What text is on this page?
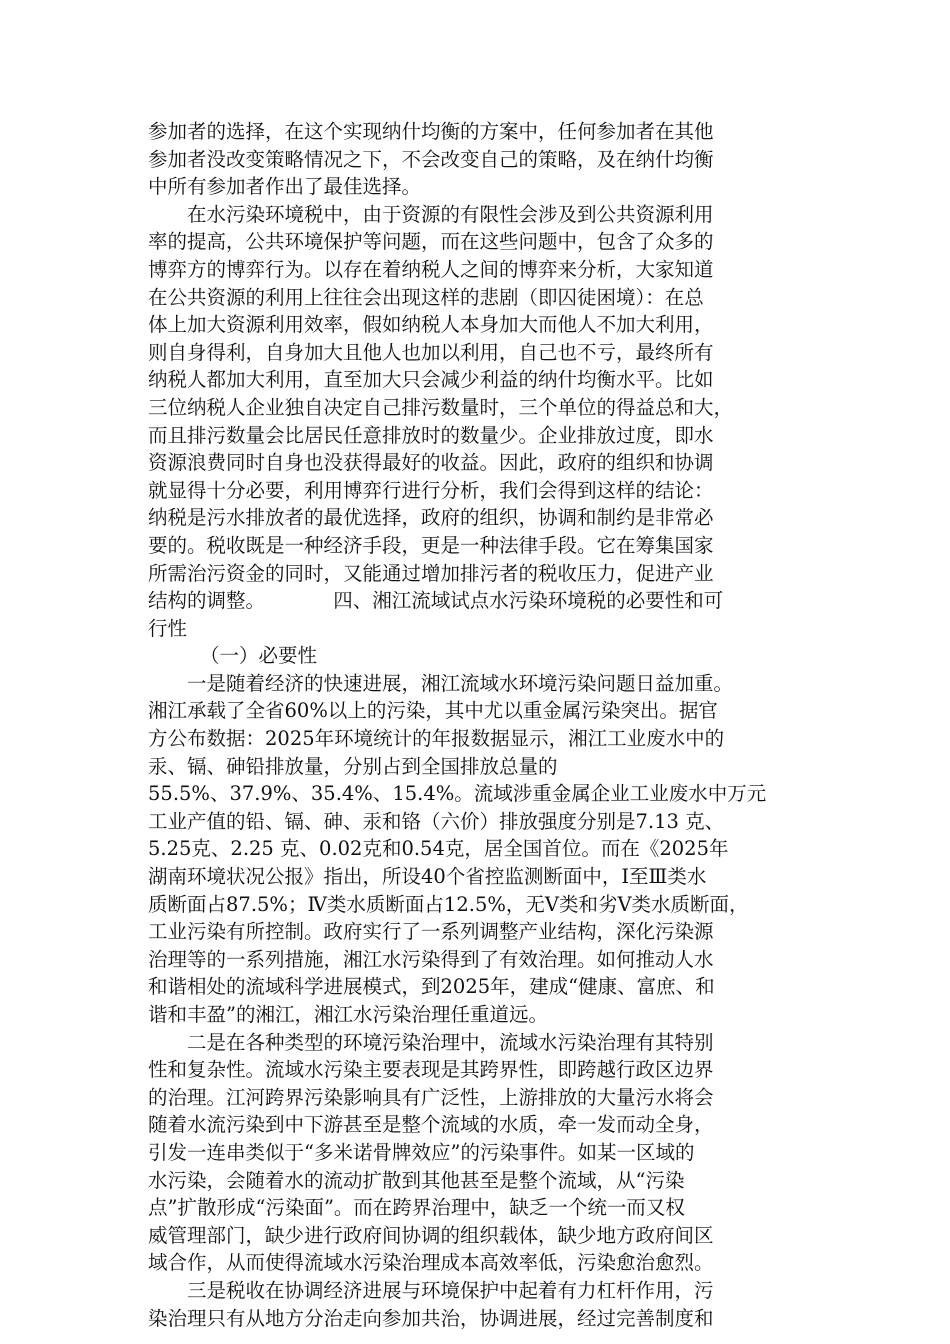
参加者的选择，在这个实现纳什均衡的方案中，任何参加者在其他
参加者没改变策略情况之下，不会改变自己的策略，及在纳什均衡
中所有参加者作出了最佳选择。
在水污染环境税中，由于资源的有限性会涉及到公共资源利用
率的提高，公共环境保护等问题，而在这些问题中，包含了众多的
博弈方的博弈行为。以存在着纳税人之间的博弈来分析，大家知道
在公共资源的利用上往往会出现这样的悲剧（即囚徒困境）：在总
体上加大资源利用效率，假如纳税人本身加大而他人不加大利用，
则自身得利，自身加大且他人也加以利用，自己也不亏，最终所有
纳税人都加大利用，直至加大只会减少利益的纳什均衡水平。比如
三位纳税人企业独自决定自己排污数量时，三个单位的得益总和大，
而且排污数量会比居民任意排放时的数量少。企业排放过度，即水
资源浪费同时自身也没获得最好的收益。因此，政府的组织和协调
就显得十分必要，利用博弈行进行分析，我们会得到这样的结论：
纳税是污水排放者的最优选择，政府的组织，协调和制约是非常必
要的。税收既是一种经济手段，更是一种法律手段。它在筹集国家
所需治污资金的同时，又能通过增加排污者的税收压力，促进产业
结构的调整。　　　　四、湘江流域试点水污染环境税的必要性和可
行性
（一）必要性
一是随着经济的快速进展，湘江流域水环境污染问题日益加重。
湘江承载了全省60%以上的污染，其中尤以重金属污染突出。据官
方公布数据：2025年环境统计的年报数据显示，湘江工业废水中的
汞、镉、砷铅排放量，分别占到全国排放总量的
55.5%、37.9%、35.4%、15.4%。流域涉重金属企业工业废水中万元
工业产值的铅、镉、砷、汞和铬（六价）排放强度分别是7.13 克、
5.25克、2.25 克、0.02克和0.54克，居全国首位。而在《2025年
湖南环境状况公报》指出，所设40个省控监测断面中，Ⅰ至Ⅲ类水
质断面占87.5%；Ⅳ类水质断面占12.5%，无Ⅴ类和劣Ⅴ类水质断面，
工业污染有所控制。政府实行了一系列调整产业结构，深化污染源
治理等的一系列措施，湘江水污染得到了有效治理。如何推动人水
和谐相处的流域科学进展模式，到2025年，建成“健康、富庶、和
谐和丰盈”的湘江，湘江水污染治理任重道远。
二是在各种类型的环境污染治理中，流域水污染治理有其特别
性和复杂性。流域水污染主要表现是其跨界性，即跨越行政区边界
的治理。江河跨界污染影响具有广泛性，上游排放的大量污水将会
随着水流污染到中下游甚至是整个流域的水质，牵一发而动全身，
引发一连串类似于“多米诺骨牌效应”的污染事件。如某一区域的
水污染，会随着水的流动扩散到其他甚至是整个流域，从“污染
点”扩散形成“污染面”。而在跨界治理中，缺乏一个统一而又权
威管理部门，缺少进行政府间协调的组织载体，缺少地方政府间区
域合作，从而使得流域水污染治理成本高效率低，污染愈治愈烈。
三是税收在协调经济进展与环境保护中起着有力杠杆作用，污
染治理只有从地方分治走向参加共治，协调进展，经过完善制度和
